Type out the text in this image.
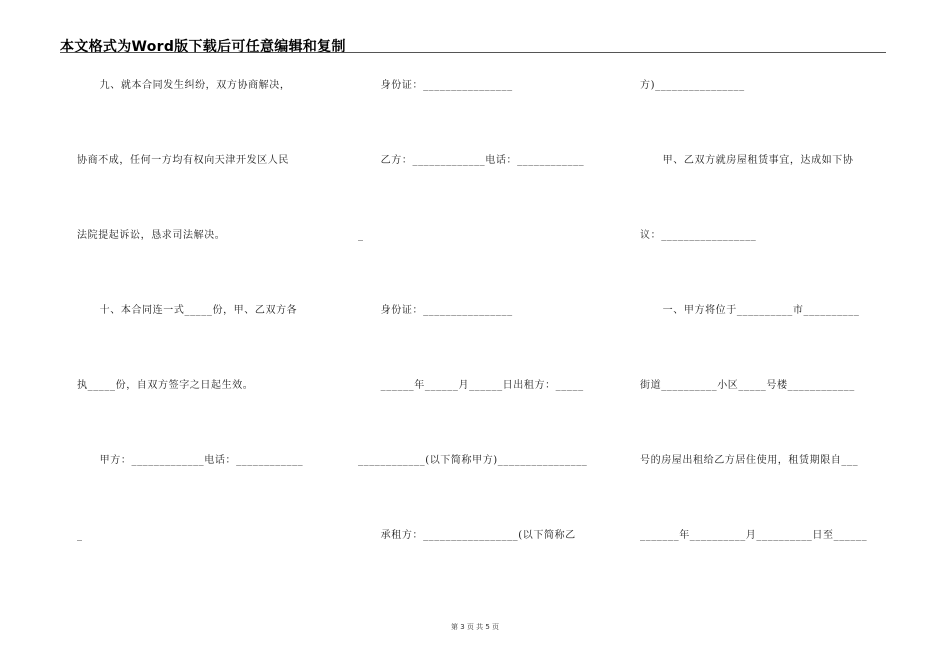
本文格式为Word版下载后可任意编辑和复制
九、就本合同发生纠纷，双方协商解决，
协商不成，任何一方均有权向天津开发区人民
法院提起诉讼，恳求司法解决。
十、本合同连一式_____份，甲、乙双方各
执_____份，自双方签字之日起生效。
甲方：_____________电话：____________
_
身份证：________________
乙方：_____________电话：____________
_
身份证：________________
______年______月______日出租方：_____
____________(以下简称甲方)________________
承租方：_________________(以下简称乙
方)________________
甲、乙双方就房屋租赁事宜，达成如下协
议：_________________
一、甲方将位于__________市__________
街道__________小区_____号楼____________
号的房屋出租给乙方居住使用，租赁期限自___
_______年__________月__________日至______
第 3 页 共 5 页
